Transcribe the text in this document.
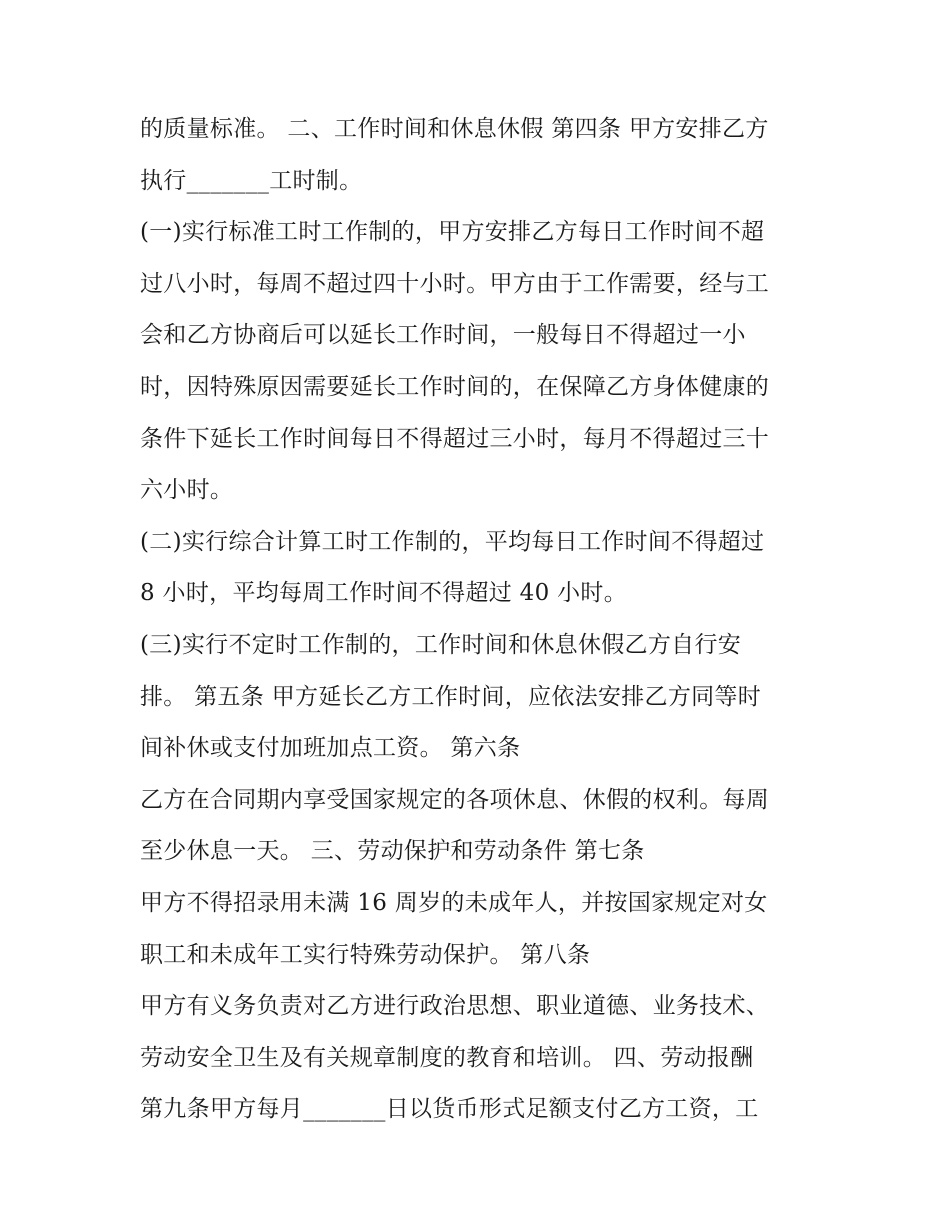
的质量标准。 二、工作时间和休息休假 第四条 甲方安排乙方
执行_______工时制。
(一)实行标准工时工作制的，甲方安排乙方每日工作时间不超
过八小时，每周不超过四十小时。甲方由于工作需要，经与工
会和乙方协商后可以延长工作时间，一般每日不得超过一小
时，因特殊原因需要延长工作时间的，在保障乙方身体健康的
条件下延长工作时间每日不得超过三小时，每月不得超过三十
六小时。
(二)实行综合计算工时工作制的，平均每日工作时间不得超过
8 小时，平均每周工作时间不得超过 40 小时。
(三)实行不定时工作制的，工作时间和休息休假乙方自行安
排。 第五条 甲方延长乙方工作时间，应依法安排乙方同等时
间补休或支付加班加点工资。 第六条
乙方在合同期内享受国家规定的各项休息、休假的权利。每周
至少休息一天。 三、劳动保护和劳动条件 第七条
甲方不得招录用未满 16 周岁的未成年人，并按国家规定对女
职工和未成年工实行特殊劳动保护。 第八条
甲方有义务负责对乙方进行政治思想、职业道德、业务技术、
劳动安全卫生及有关规章制度的教育和培训。 四、劳动报酬
第九条甲方每月_______日以货币形式足额支付乙方工资，工
